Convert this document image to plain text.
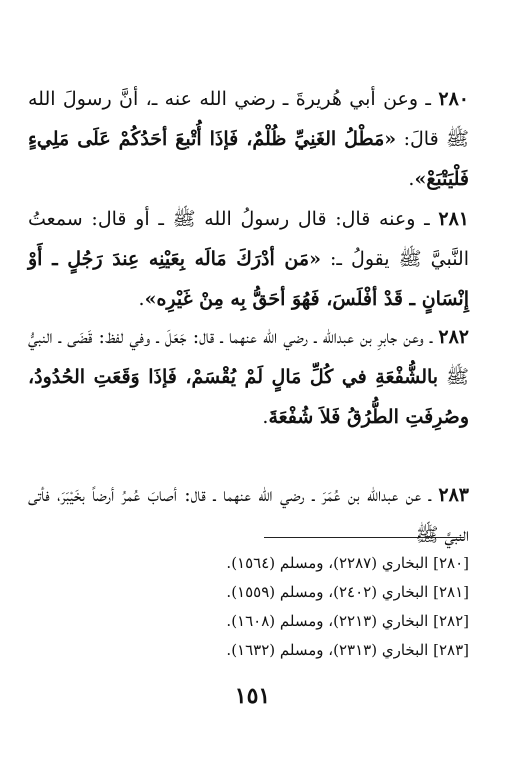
٢٨٠ ـ وعن أبي هُريرةَ ـ رضي الله عنه ـ، أنَّ رسولَ الله ﷺ قالَ: «مَطْلُ الغَنِيِّ ظُلْمٌ، فَإذَا أُتْبعَ أحَدُكُمْ عَلَى مَلِيءٍ فَلْيَتْبَعْ».

٢٨١ ـ وعنه قال: قال رسولُ الله ﷺ ـ أو قال: سمعتُ النَّبيَّ ﷺ يقولُ ـ: «مَن أدْرَكَ مَالَه بِعَيْنِه عِندَ رَجُلٍ ـ أَوْ إِنْسَانٍ ـ قَدْ أفْلَسَ، فَهُوَ أحَقُّ بِه مِنْ غَيْرِه».

٢٨٢ ـ وعن جابرِ بن عبدالله ـ رضي الله عنهما ـ قال: جَعَلَ ـ وفي لفظ: قَضَى ـ النبيُّ ﷺ بالشُّفْعَةِ في كُلِّ مَالٍ لَمْ يُقْسَمْ، فَإذَا وَقَعَتِ الحُدُودُ، وصُرِفَتِ الطُّرُقُ فَلاَ شُفْعَةَ.

٢٨٣ ـ عن عبدالله بن عُمَرَ ـ رضي الله عنهما ـ قال: أصابَ عُمرُ أرضاً بخَيْبَرَ، فأتى النبيَّ ﷺ

[٢٨٠] البخاري (٢٢٨٧)، ومسلم (١٥٦٤).
[٢٨١] البخاري (٢٤٠٢)، ومسلم (١٥٥٩).
[٢٨٢] البخاري (٢٢١٣)، ومسلم (١٦٠٨).
[٢٨٣] البخاري (٢٣١٣)، ومسلم (١٦٣٢).
١٥١
